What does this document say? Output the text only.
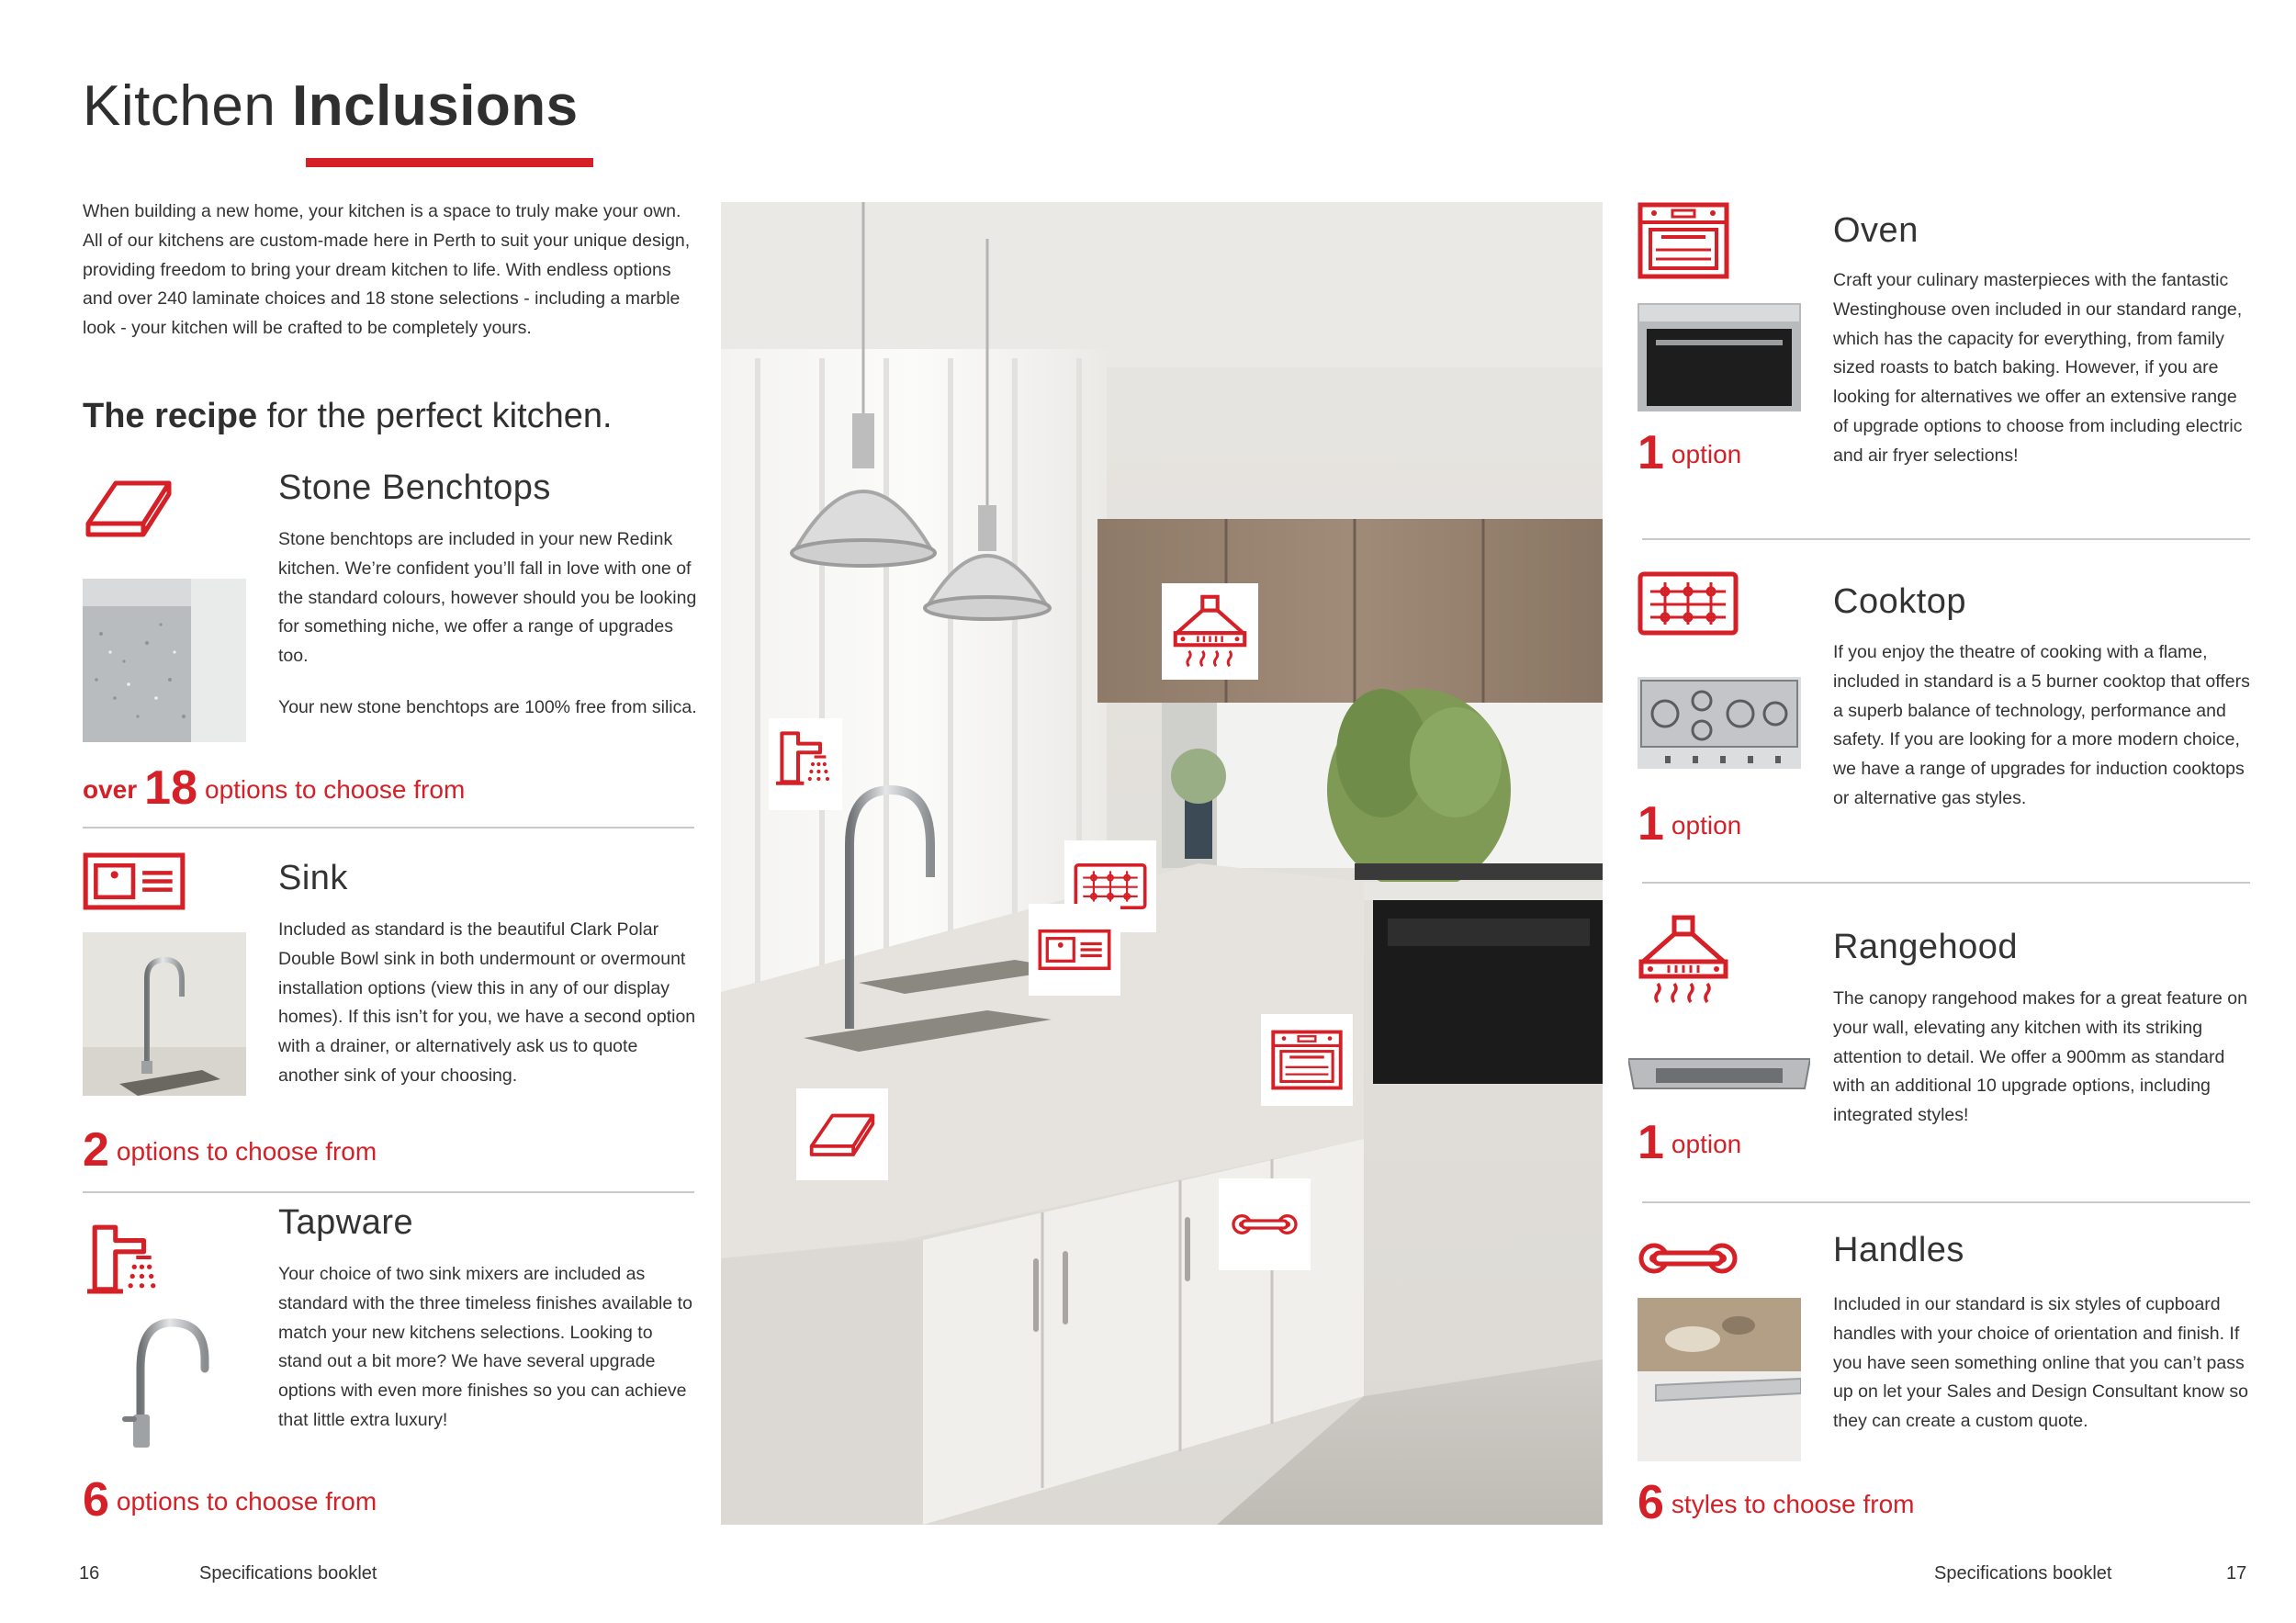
Kitchen Inclusions
When building a new home, your kitchen is a space to truly make your own. All of our kitchens are custom-made here in Perth to suit your unique design, providing freedom to bring your dream kitchen to life. With endless options and over 240 laminate choices and 18 stone selections - including a marble look - your kitchen will be crafted to be completely yours.
The recipe for the perfect kitchen.
Stone Benchtops
Stone benchtops are included in your new Redink kitchen. We’re confident you’ll fall in love with one of the standard colours, however should you be looking for something niche, we offer a range of upgrades too.
Your new stone benchtops are 100% free from silica.
over 18 options to choose from
Sink
Included as standard is the beautiful Clark Polar Double Bowl sink in both undermount or overmount installation options (view this in any of our display homes). If this isn’t for you, we have a second option with a drainer, or alternatively ask us to quote another sink of your choosing.
2 options to choose from
Tapware
Your choice of two sink mixers are included as standard with the three timeless finishes available to match your new kitchens selections. Looking to stand out a bit more? We have several upgrade options with even more finishes so you can achieve that little extra luxury!
6 options to choose from
Oven
Craft your culinary masterpieces with the fantastic Westinghouse oven included in our standard range, which has the capacity for everything, from family sized roasts to batch baking. However, if you are looking for alternatives we offer an extensive range of upgrade options to choose from including electric and air fryer selections!
1 option
Cooktop
If you enjoy the theatre of cooking with a flame, included in standard is a 5 burner cooktop that offers a superb balance of technology, performance and safety. If you are looking for a more modern choice, we have a range of upgrades for induction cooktops or alternative gas styles.
1 option
Rangehood
The canopy rangehood makes for a great feature on your wall, elevating any kitchen with its striking attention to detail. We offer a 900mm as standard with an additional 10 upgrade options, including integrated styles!
1 option
Handles
Included in our standard is six styles of cupboard handles with your choice of orientation and finish. If you have seen something online that you can’t pass up on let your Sales and Design Consultant know so they can create a custom quote.
6 styles to choose from
16	Specifications booklet	Specifications booklet	17
